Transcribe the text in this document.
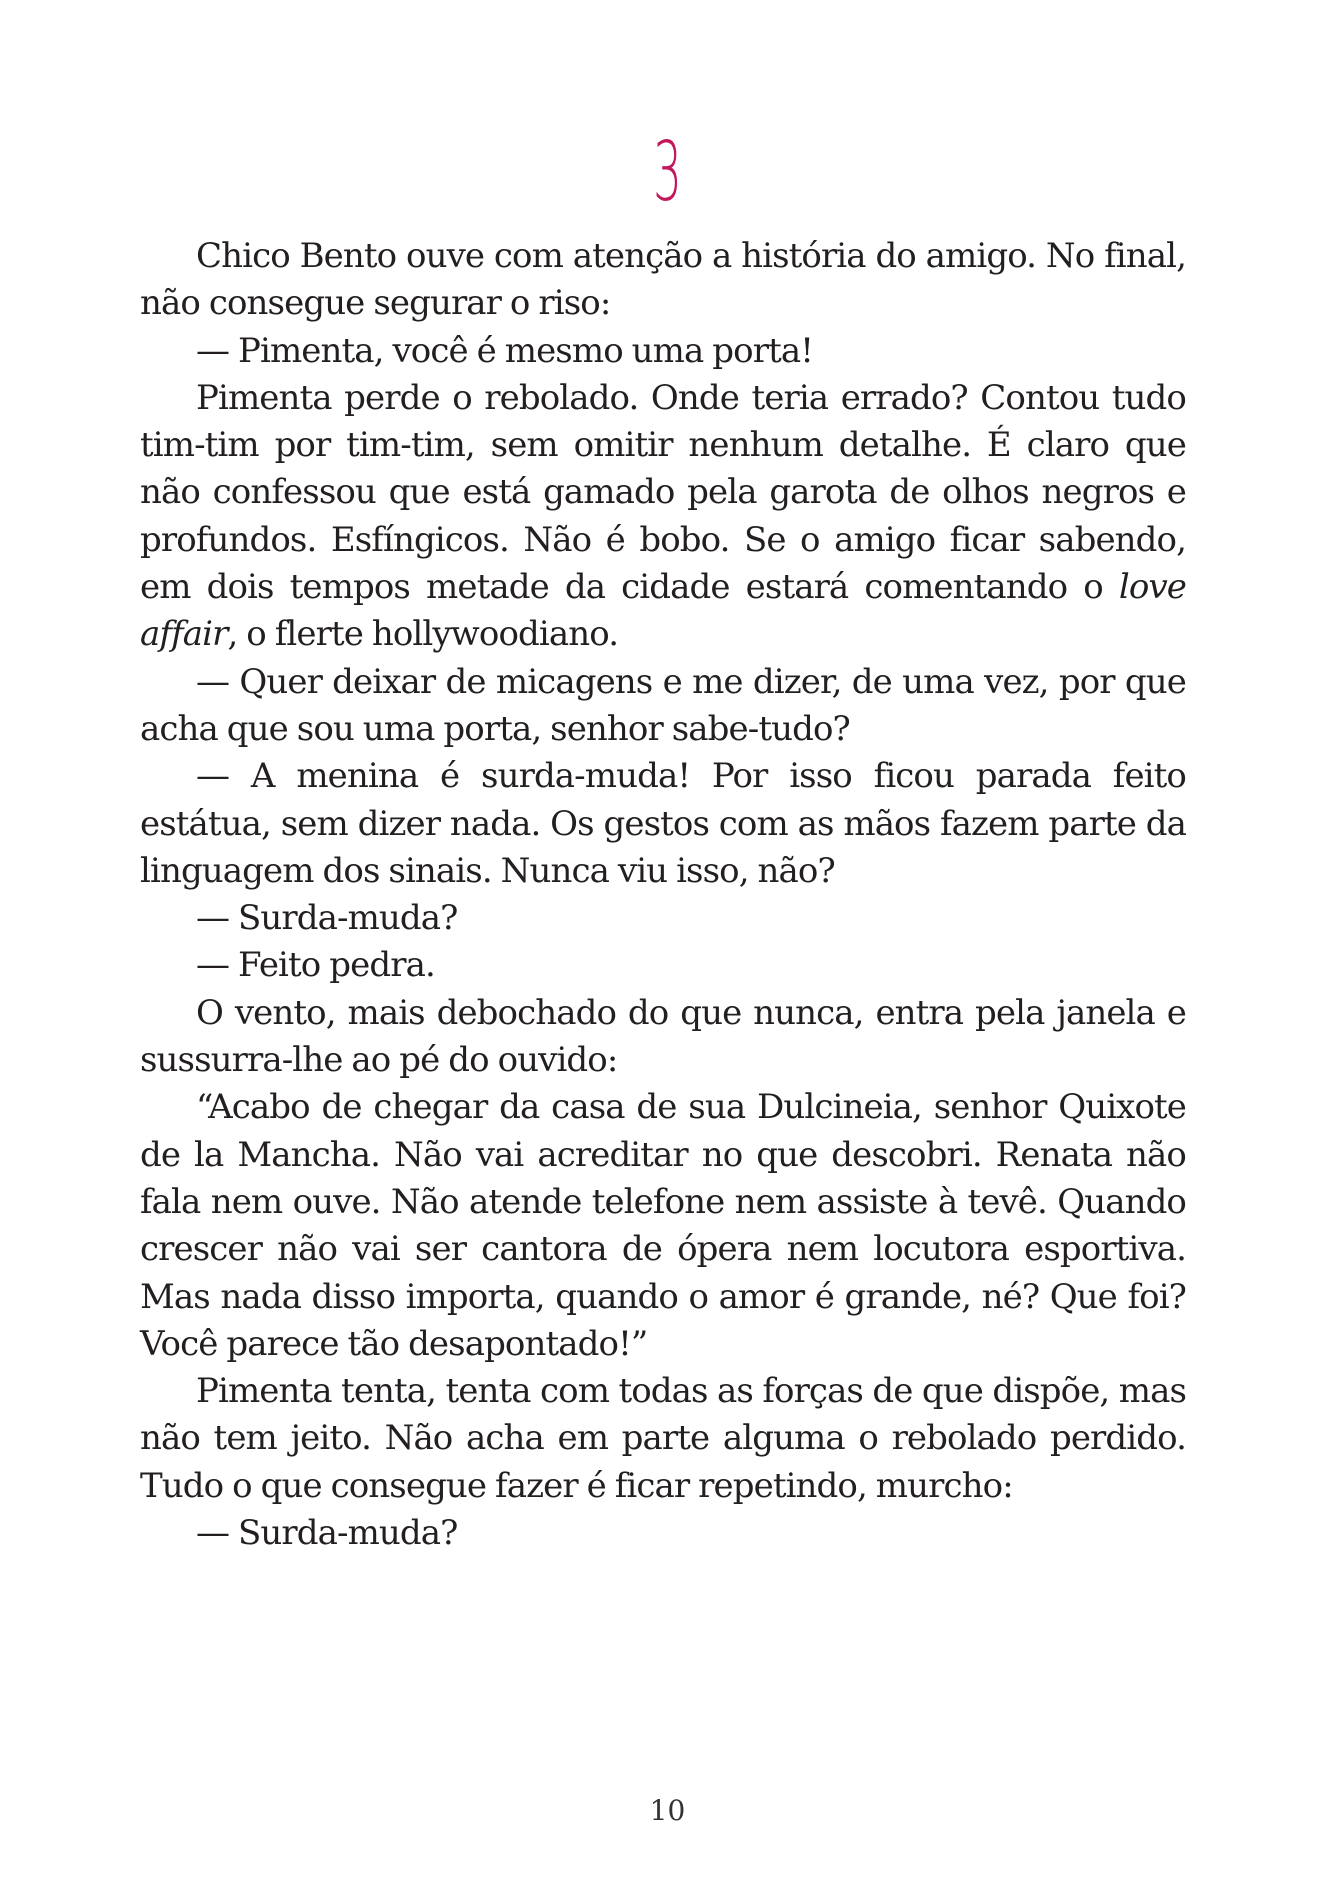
3

Chico Bento ouve com atenção a história do amigo. No final, não consegue segurar o riso:

— Pimenta, você é mesmo uma porta!

Pimenta perde o rebolado. Onde teria errado? Contou tudo tim-tim por tim-tim, sem omitir nenhum detalhe. É claro que não confessou que está gamado pela garota de olhos negros e profundos. Esfíngicos. Não é bobo. Se o amigo ficar sabendo, em dois tempos metade da cidade estará comentando o love affair, o flerte hollywoodiano.

— Quer deixar de micagens e me dizer, de uma vez, por que acha que sou uma porta, senhor sabe-tudo?

— A menina é surda-muda! Por isso ficou parada feito estátua, sem dizer nada. Os gestos com as mãos fazem parte da linguagem dos sinais. Nunca viu isso, não?

— Surda-muda?

— Feito pedra.

O vento, mais debochado do que nunca, entra pela janela e sussurra-lhe ao pé do ouvido:

“Acabo de chegar da casa de sua Dulcineia, senhor Quixote de la Mancha. Não vai acreditar no que descobri. Renata não fala nem ouve. Não atende telefone nem assiste à tevê. Quando crescer não vai ser cantora de ópera nem locutora esportiva. Mas nada disso importa, quando o amor é grande, né? Que foi? Você parece tão desapontado!”

Pimenta tenta, tenta com todas as forças de que dispõe, mas não tem jeito. Não acha em parte alguma o rebolado perdido. Tudo o que consegue fazer é ficar repetindo, murcho:

— Surda-muda?

10
